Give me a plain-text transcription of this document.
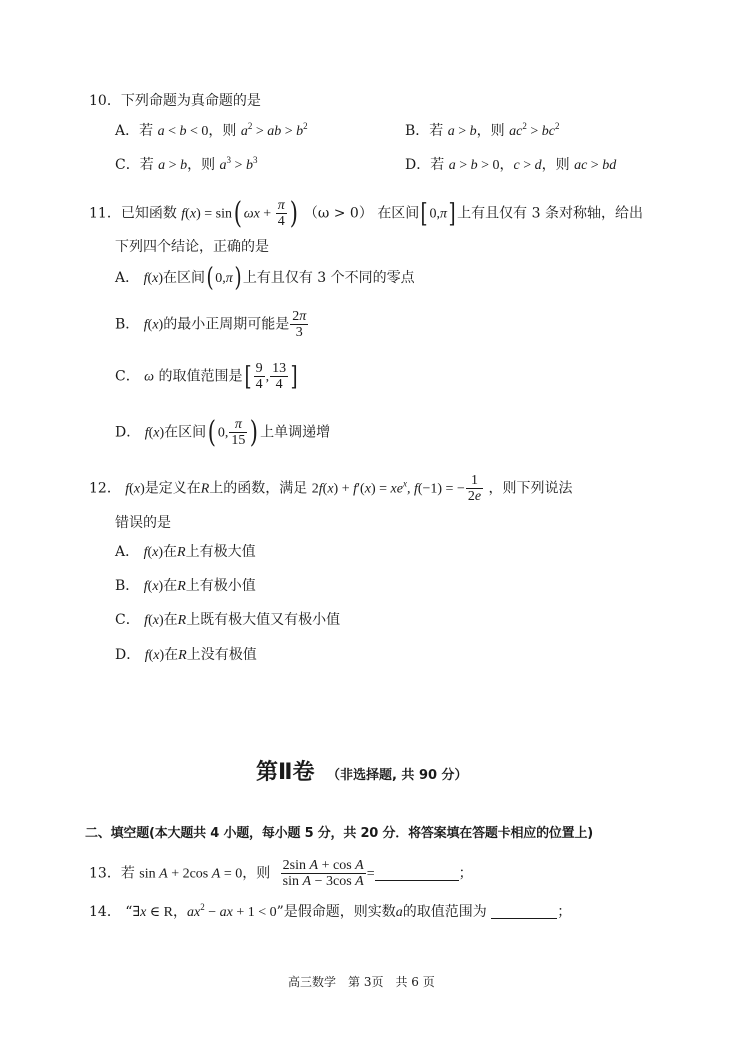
10．下列命题为真命题的是
A．若 a < b < 0，则 $a^2$ > ab > $b^2$	B．若 a > b，则 $ac^2 > bc^2$
C．若 a > b，则 $a^3 > b^3$	D．若 a > b > 0，c > d，则 ac > bd
11．已知函数 f(x) = sin( $\omega x + \frac{\pi}{4}$ ) （ω > 0） 在区间[ 0,π] 上有且仅有 3 条对称轴，给出
下列四个结论，正确的是
A． f(x)在区间( 0,π) 上有且仅有 3 个不同的零点
B． f(x)的最小正周期可能是 $\frac{2\pi}{3}$
C． ω 的取值范围是[ $\frac{9}{4}$ , $\frac{13}{4}$ ]
D． f(x)在区间( 0, $\frac{\pi}{15}$ ) 上单调递增
12． f(x)是定义在R上的函数，满足 $2f(x) + f'(x) = xe^x$, f(−1) = − $\frac{1}{2e}$ ，则下列说法
错误的是
A． f(x)在R上有极大值
B． f(x)在R上有极小值
C． f(x)在R上既有极大值又有极小值
D． f(x)在R上没有极值
第Ⅱ卷 （非选择题, 共 90 分）
二、填空题(本大题共 4 小题，每小题 5 分，共 20 分．将答案填在答题卡相应的位置上)
13．若 sin A + 2cos A = 0，则 $\frac{\text{2sin A + cos A}}{\text{sin A − 3cos A}}$ =	；
14． “∃x ∈ R，$ax^2$ − ax + 1 < 0”是假命题，则实数a的取值范围为	；
高三数学　第 3页　共 6 页
